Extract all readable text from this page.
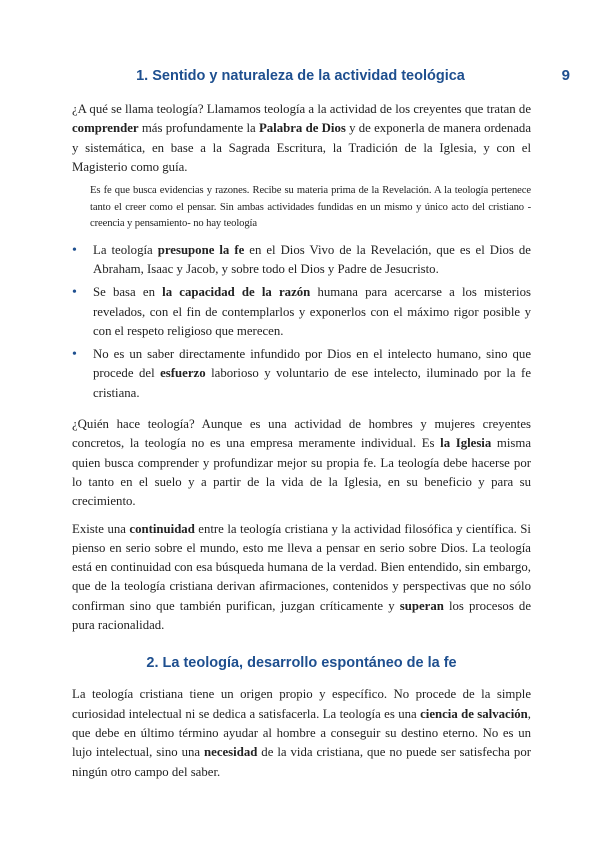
9
1. Sentido y naturaleza de la actividad teológica

¿A qué se llama teología? Llamamos teología a la actividad de los creyentes que tratan de comprender más profundamente la Palabra de Dios y de exponerla de manera ordenada y sistemática, en base a la Sagrada Escritura, la Tradición de la Iglesia, y con el Magisterio como guía.

Es fe que busca evidencias y razones. Recibe su materia prima de la Revelación. A la teología pertenece tanto el creer como el pensar. Sin ambas actividades fundidas en un mismo y único acto del cristiano -creencia y pensamiento- no hay teología

• La teología presupone la fe en el Dios Vivo de la Revelación, que es el Dios de Abraham, Isaac y Jacob, y sobre todo el Dios y Padre de Jesucristo.
• Se basa en la capacidad de la razón humana para acercarse a los misterios revelados, con el fin de contemplarlos y exponerlos con el máximo rigor posible y con el respeto religioso que merecen.
• No es un saber directamente infundido por Dios en el intelecto humano, sino que procede del esfuerzo laborioso y voluntario de ese intelecto, iluminado por la fe cristiana.

¿Quién hace teología? Aunque es una actividad de hombres y mujeres creyentes concretos, la teología no es una empresa meramente individual. Es la Iglesia misma quien busca comprender y profundizar mejor su propia fe. La teología debe hacerse por lo tanto en el suelo y a partir de la vida de la Iglesia, en su beneficio y para su crecimiento.

Existe una continuidad entre la teología cristiana y la actividad filosófica y científica. Si pienso en serio sobre el mundo, esto me lleva a pensar en serio sobre Dios. La teología está en continuidad con esa búsqueda humana de la verdad. Bien entendido, sin embargo, que de la teología cristiana derivan afirmaciones, contenidos y perspectivas que no sólo confirman sino que también purifican, juzgan críticamente y superan los procesos de pura racionalidad.

2. La teología, desarrollo espontáneo de la fe

La teología cristiana tiene un origen propio y específico. No procede de la simple curiosidad intelectual ni se dedica a satisfacerla. La teología es una ciencia de salvación, que debe en último término ayudar al hombre a conseguir su destino eterno. No es un lujo intelectual, sino una necesidad de la vida cristiana, que no puede ser satisfecha por ningún otro campo del saber.
